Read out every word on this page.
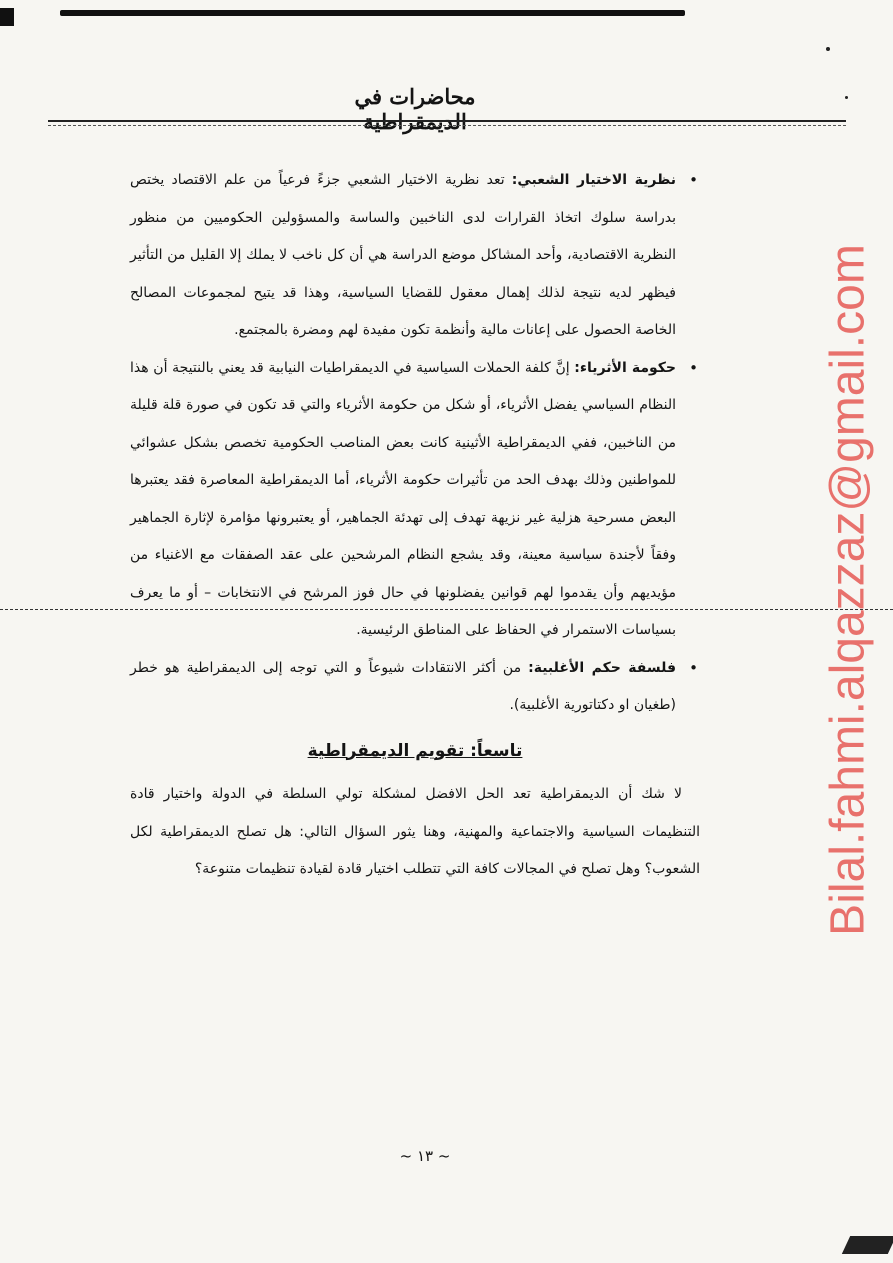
محاضرات في الديمقراطية
• نظرية الاختيار الشعبي: تعد نظرية الاختيار الشعبي جزءً فرعياً من علم الاقتصاد يختص بدراسة سلوك اتخاذ القرارات لدى الناخبين والساسة والمسؤولين الحكوميين من منظور النظرية الاقتصادية، وأحد المشاكل موضع الدراسة هي أن كل ناخب لا يملك إلا القليل من التأثير فيظهر لديه نتيجة لذلك إهمال معقول للقضايا السياسية، وهذا قد يتيح لمجموعات المصالح الخاصة الحصول على إعانات مالية وأنظمة تكون مفيدة لهم ومضرة بالمجتمع.
• حكومة الأثرياء: إنَّ كلفة الحملات السياسية في الديمقراطيات النيابية قد يعني بالنتيجة أن هذا النظام السياسي يفضل الأثرياء، أو شكل من حكومة الأثرياء والتي قد تكون في صورة قلة قليلة من الناخبين، ففي الديمقراطية الأثينية كانت بعض المناصب الحكومية تخصص بشكل عشوائي للمواطنين وذلك بهدف الحد من تأثيرات حكومة الأثرياء، أما الديمقراطية المعاصرة فقد يعتبرها البعض مسرحية هزلية غير نزيهة تهدف إلى تهدئة الجماهير، أو يعتبرونها مؤامرة لإثارة الجماهير وفقاً لأجندة سياسية معينة، وقد يشجع النظام المرشحين على عقد الصفقات مع الاغنياء من مؤيديهم وأن يقدموا لهم قوانين يفضلونها في حال فوز المرشح في الانتخابات – أو ما يعرف بسياسات الاستمرار في الحفاظ على المناطق الرئيسية.
• فلسفة حكم الأغلبية: من أكثر الانتقادات شيوعاً و التي توجه إلى الديمقراطية هو خطر (طغيان او دكتاتورية الأغلبية).
تاسعاً: تقويم الديمقراطية
لا شك أن الديمقراطية تعد الحل الافضل لمشكلة تولي السلطة في الدولة واختيار قادة التنظيمات السياسية والاجتماعية والمهنية، وهنا يثور السؤال التالي: هل تصلح الديمقراطية لكل الشعوب؟ وهل تصلح في المجالات كافة التي تتطلب اختيار قادة لقيادة تنظيمات متنوعة؟
~ ١٣ ~
Bilal.fahmi.alqazzaz@gmail.com
